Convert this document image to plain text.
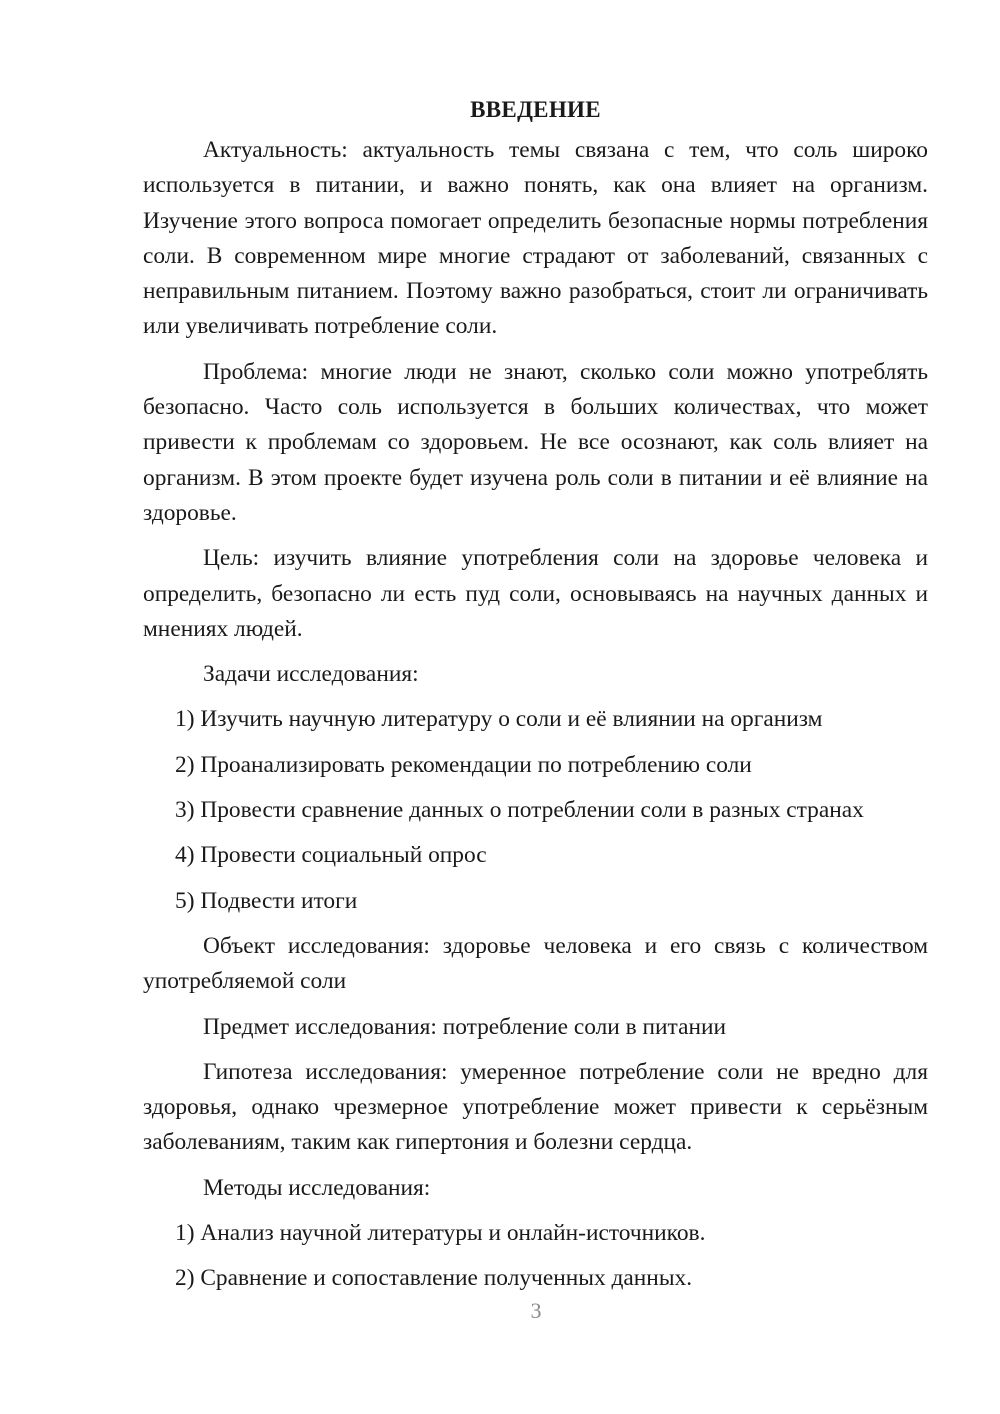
ВВЕДЕНИЕ

Актуальность: актуальность темы связана с тем, что соль широко используется в питании, и важно понять, как она влияет на организм. Изучение этого вопроса помогает определить безопасные нормы потребления соли. В современном мире многие страдают от заболеваний, связанных с неправильным питанием. Поэтому важно разобраться, стоит ли ограничивать или увеличивать потребление соли.

Проблема: многие люди не знают, сколько соли можно употреблять безопасно. Часто соль используется в больших количествах, что может привести к проблемам со здоровьем. Не все осознают, как соль влияет на организм. В этом проекте будет изучена роль соли в питании и её влияние на здоровье.

Цель: изучить влияние употребления соли на здоровье человека и определить, безопасно ли есть пуд соли, основываясь на научных данных и мнениях людей.

Задачи исследования:

1) Изучить научную литературу о соли и её влиянии на организм
2) Проанализировать рекомендации по потреблению соли
3) Провести сравнение данных о потреблении соли в разных странах
4) Провести социальный опрос
5) Подвести итоги

Объект исследования: здоровье человека и его связь с количеством употребляемой соли

Предмет исследования: потребление соли в питании

Гипотеза исследования: умеренное потребление соли не вредно для здоровья, однако чрезмерное употребление может привести к серьёзным заболеваниям, таким как гипертония и болезни сердца.

Методы исследования:

1) Анализ научной литературы и онлайн-источников.
2) Сравнение и сопоставление полученных данных.
3
